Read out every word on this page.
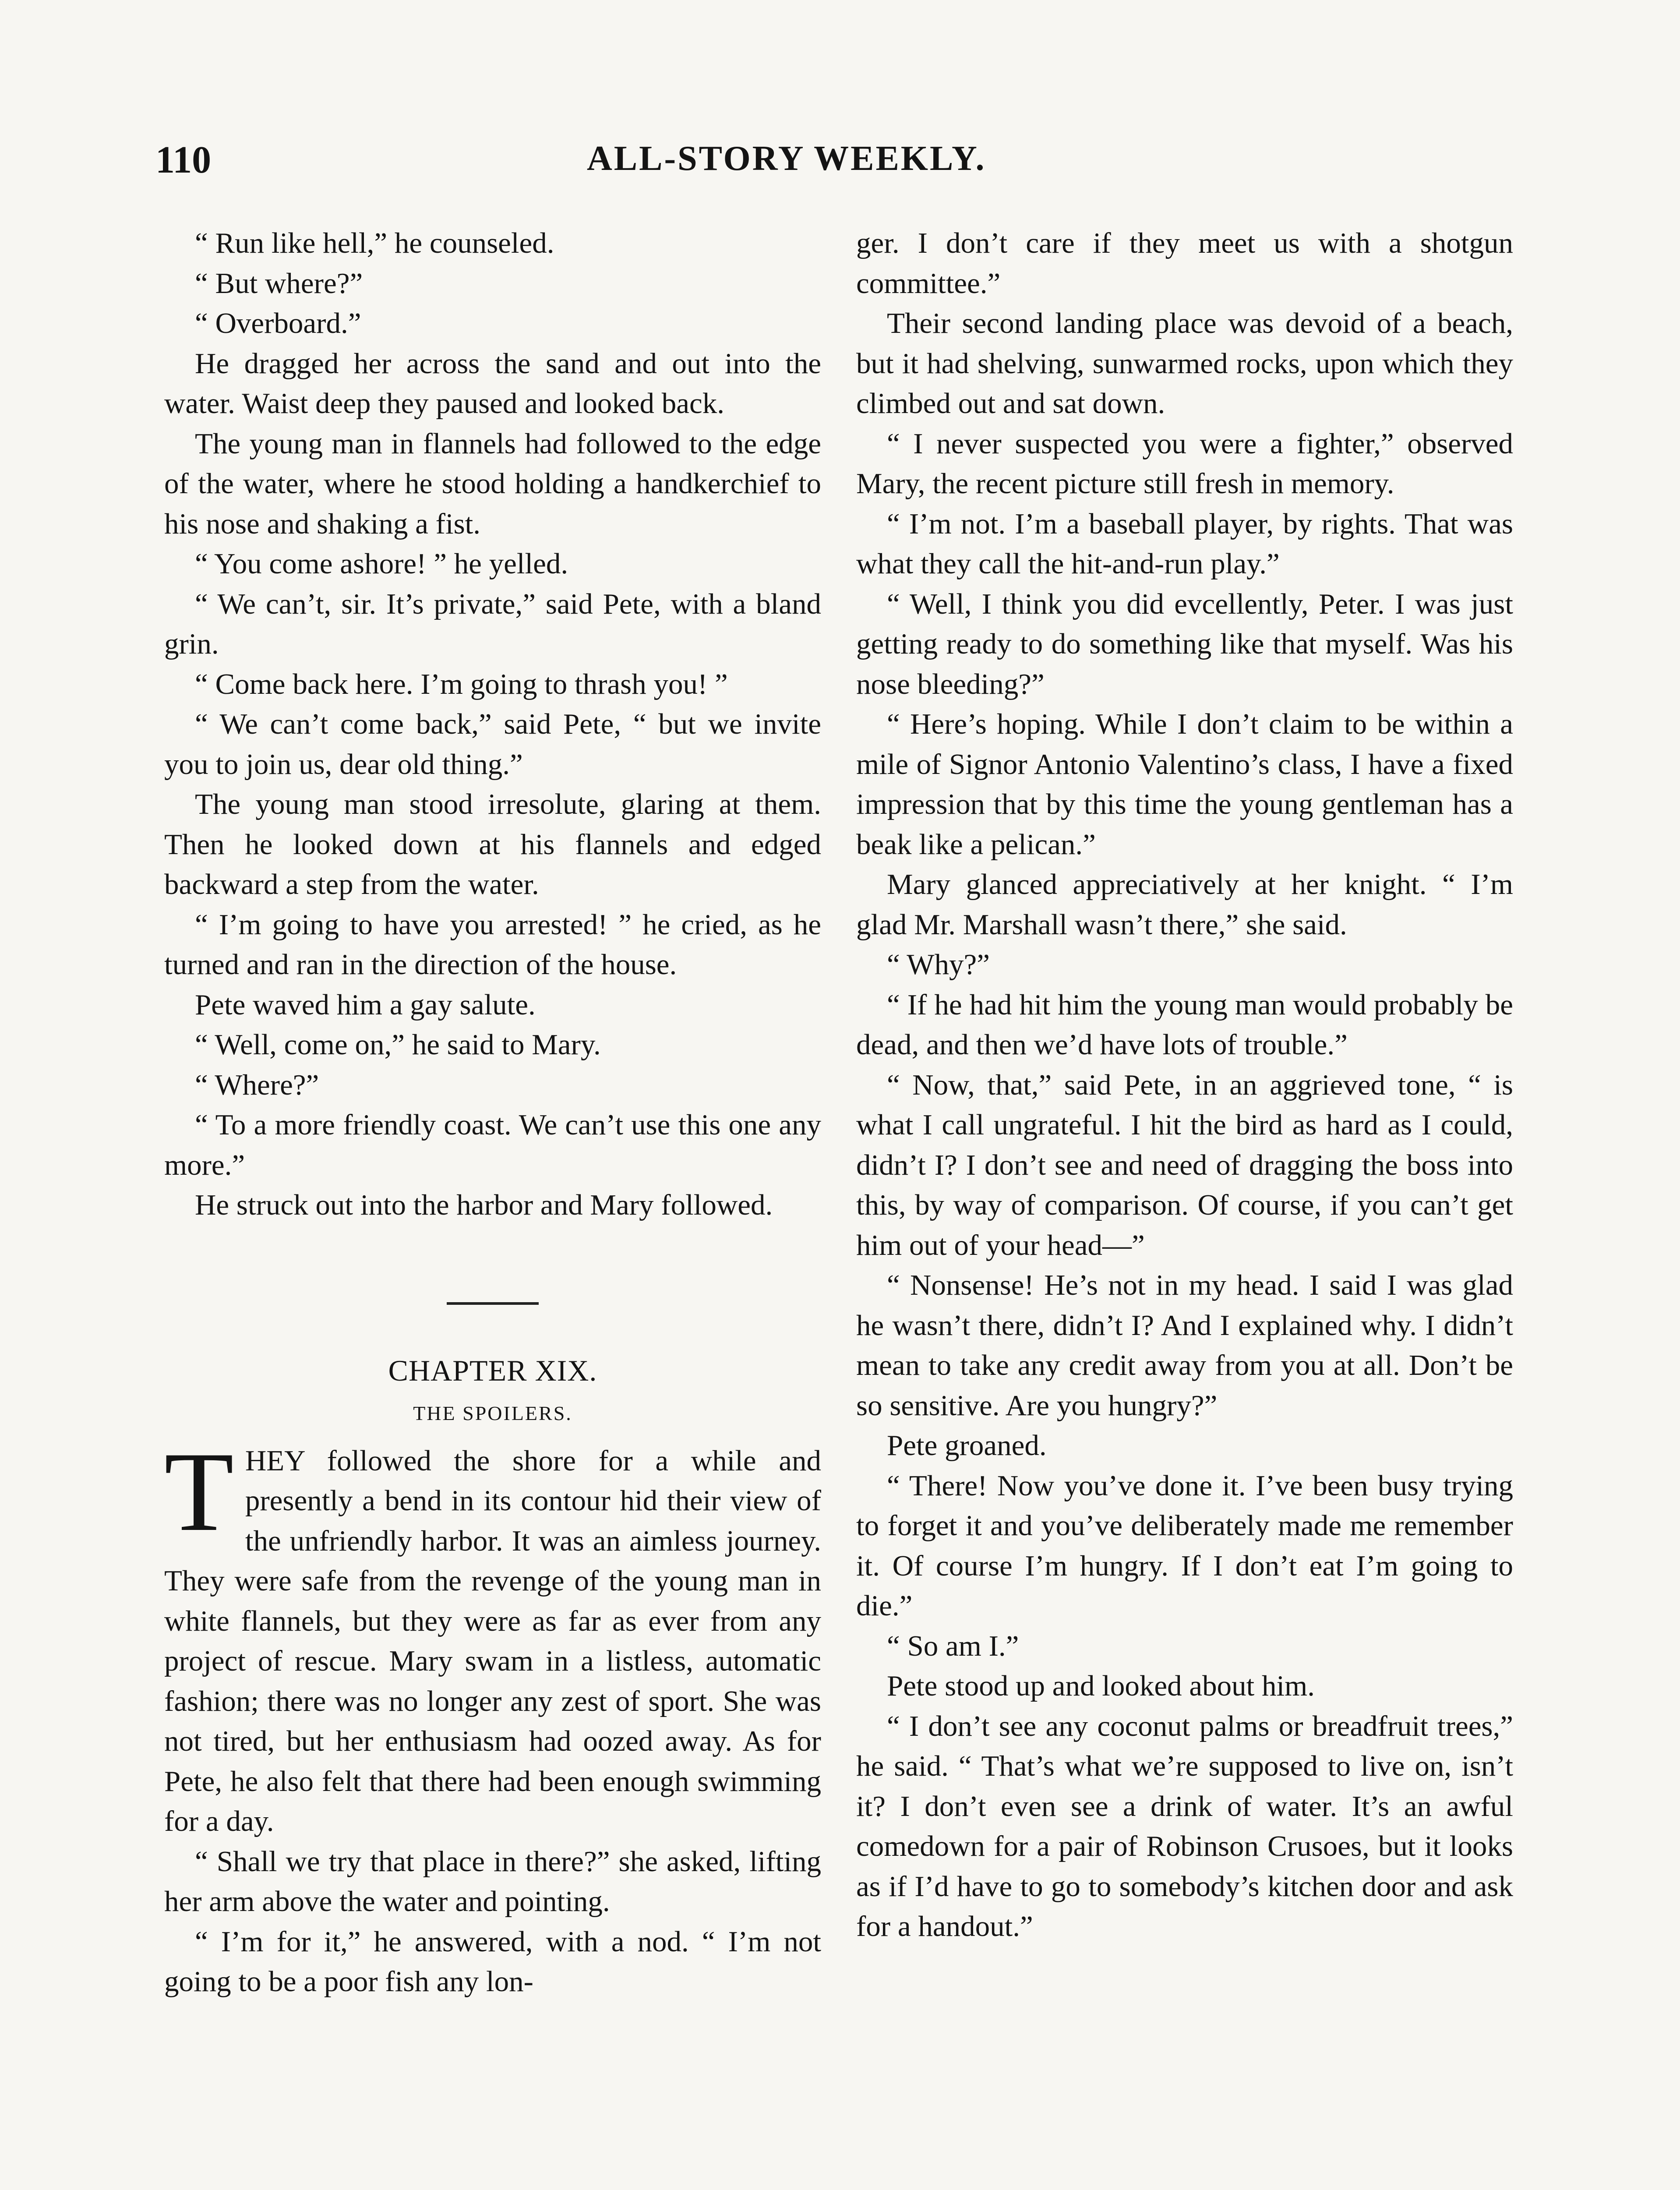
110	ALL-STORY WEEKLY.

“ Run like hell,” he counseled.

“ But where?”

“ Overboard.”

He dragged her across the sand and out into the water. Waist deep they paused and looked back.

The young man in flannels had followed to the edge of the water, where he stood holding a handkerchief to his nose and shaking a fist.

“ You come ashore! ” he yelled.

“ We can’t, sir. It’s private,” said Pete, with a bland grin.

“ Come back here. I’m going to thrash you! ”

“ We can’t come back,” said Pete, “ but we invite you to join us, dear old thing.”

The young man stood irresolute, glaring at them. Then he looked down at his flannels and edged backward a step from the water.

“ I’m going to have you arrested! ” he cried, as he turned and ran in the direction of the house.

Pete waved him a gay salute.

“ Well, come on,” he said to Mary.

“ Where?”

“ To a more friendly coast. We can’t use this one any more.”

He struck out into the harbor and Mary followed.

CHAPTER XIX.
THE SPOILERS.

THEY followed the shore for a while and presently a bend in its contour hid their view of the unfriendly harbor. It was an aimless journey. They were safe from the revenge of the young man in white flannels, but they were as far as ever from any project of rescue. Mary swam in a listless, automatic fashion; there was no longer any zest of sport. She was not tired, but her enthusiasm had oozed away. As for Pete, he also felt that there had been enough swimming for a day.

“ Shall we try that place in there?” she asked, lifting her arm above the water and pointing.

“ I’m for it,” he answered, with a nod. “ I’m not going to be a poor fish any lon-

ger. I don’t care if they meet us with a shotgun committee.”

Their second landing place was devoid of a beach, but it had shelving, sunwarmed rocks, upon which they climbed out and sat down.

“ I never suspected you were a fighter,” observed Mary, the recent picture still fresh in memory.

“ I’m not. I’m a baseball player, by rights. That was what they call the hit-and-run play.”

“ Well, I think you did evcellently, Peter. I was just getting ready to do something like that myself. Was his nose bleeding?”

“ Here’s hoping. While I don’t claim to be within a mile of Signor Antonio Valentino’s class, I have a fixed impression that by this time the young gentleman has a beak like a pelican.”

Mary glanced appreciatively at her knight. “ I’m glad Mr. Marshall wasn’t there,” she said.

“ Why?”

“ If he had hit him the young man would probably be dead, and then we’d have lots of trouble.”

“ Now, that,” said Pete, in an aggrieved tone, “ is what I call ungrateful. I hit the bird as hard as I could, didn’t I? I don’t see and need of dragging the boss into this, by way of comparison. Of course, if you can’t get him out of your head—”

“ Nonsense! He’s not in my head. I said I was glad he wasn’t there, didn’t I? And I explained why. I didn’t mean to take any credit away from you at all. Don’t be so sensitive. Are you hungry?”

Pete groaned.

“ There! Now you’ve done it. I’ve been busy trying to forget it and you’ve deliberately made me remember it. Of course I’m hungry. If I don’t eat I’m going to die.”

“ So am I.”

Pete stood up and looked about him.

“ I don’t see any coconut palms or breadfruit trees,” he said. “ That’s what we’re supposed to live on, isn’t it? I don’t even see a drink of water. It’s an awful comedown for a pair of Robinson Crusoes, but it looks as if I’d have to go to somebody’s kitchen door and ask for a handout.”
